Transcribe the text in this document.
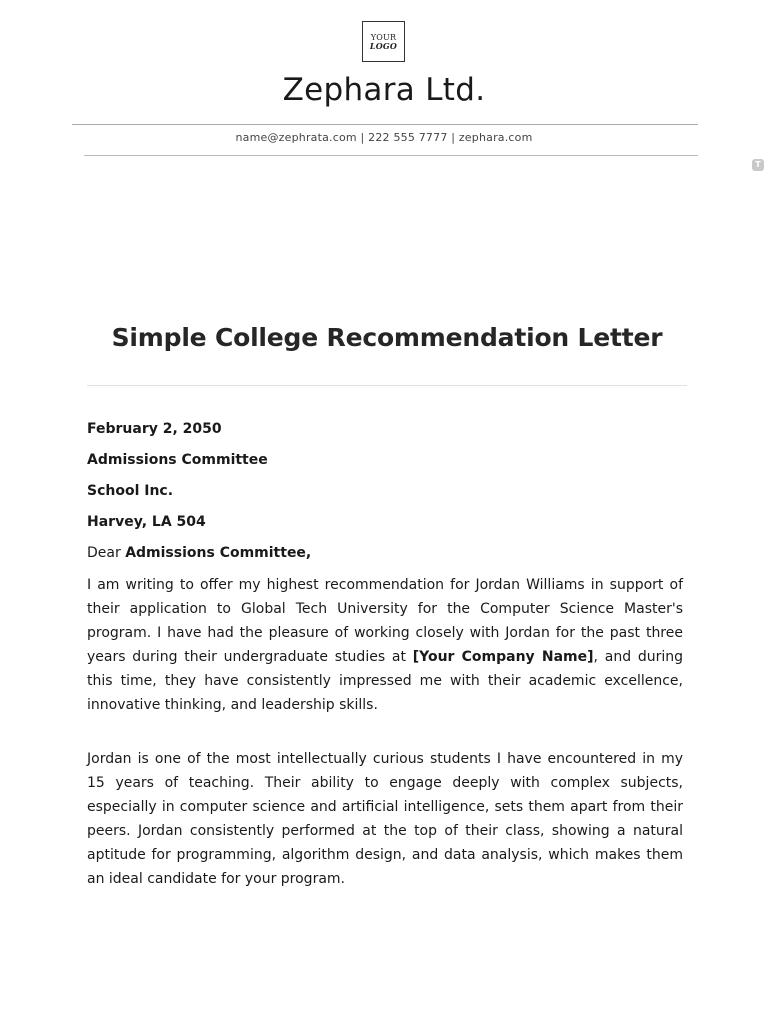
YOUR
LOGO
Zephara Ltd.
name@zephrata.com | 222 555 7777 | zephara.com
T
Simple College Recommendation Letter
February 2, 2050
Admissions Committee
School Inc.
Harvey, LA 504
Dear Admissions Committee,

I am writing to offer my highest recommendation for Jordan Williams in support of their application to Global Tech University for the Computer Science Master's program. I have had the pleasure of working closely with Jordan for the past three years during their undergraduate studies at [Your Company Name], and during this time, they have consistently impressed me with their academic excellence, innovative thinking, and leadership skills.

Jordan is one of the most intellectually curious students I have encountered in my 15 years of teaching. Their ability to engage deeply with complex subjects, especially in computer science and artificial intelligence, sets them apart from their peers. Jordan consistently performed at the top of their class, showing a natural aptitude for programming, algorithm design, and data analysis, which makes them an ideal candidate for your program.
